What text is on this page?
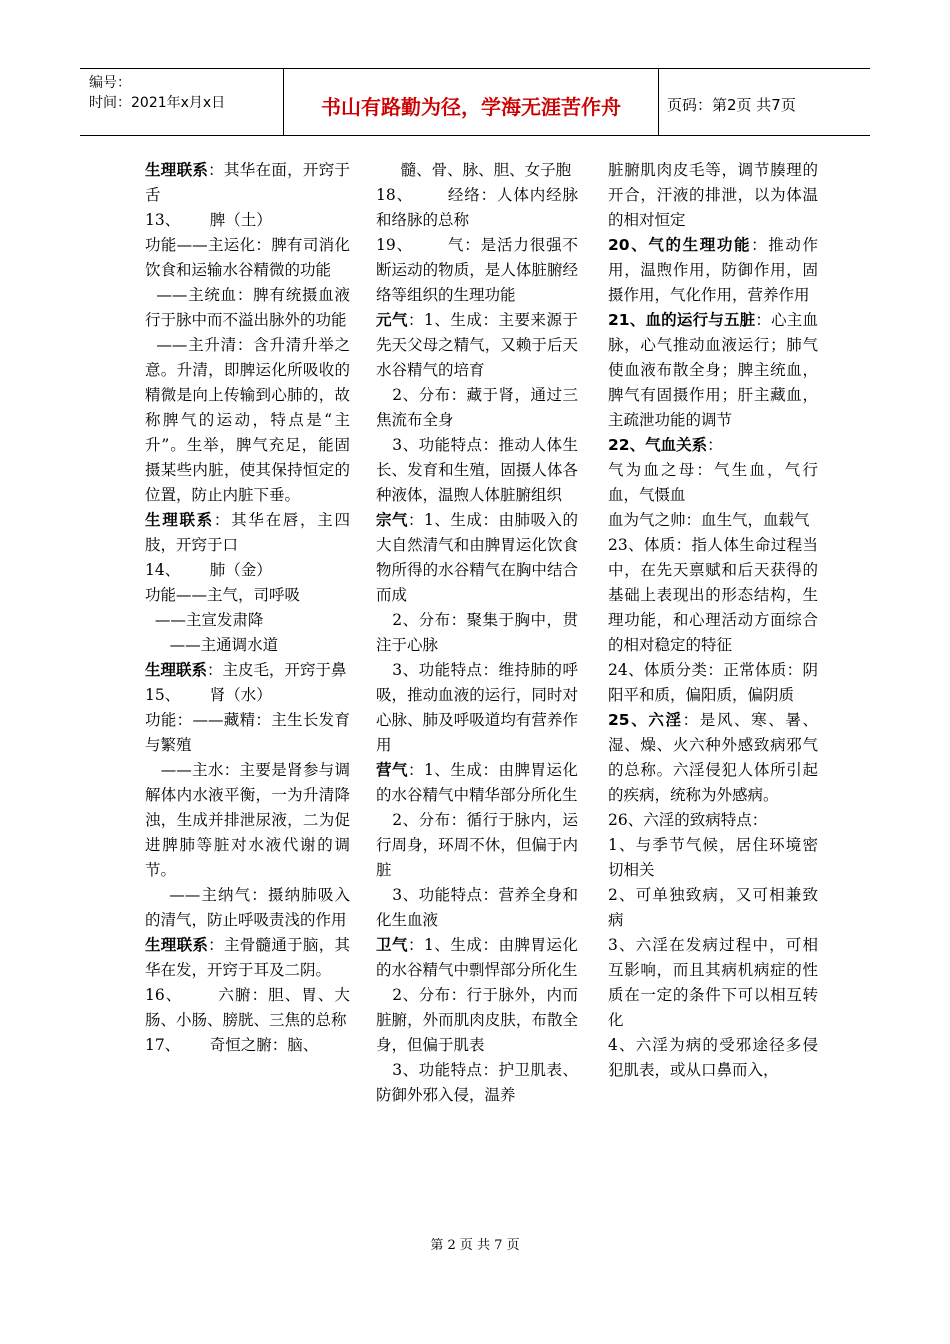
编号：
时间：2021年x月x日	书山有路勤为径，学海无涯苦作舟	页码：第2页 共7页

生理联系：其华在面，开窍于舌

13、      脾（土）

功能——主运化：脾有司消化饮食和运输水谷精微的功能

——主统血：脾有统摄血液行于脉中而不溢出脉外的功能

——主升清：含升清升举之意。升清，即脾运化所吸收的精微是向上传输到心肺的，故称脾气的运动，特点是“主升”。生举，脾气充足，能固摄某些内脏，使其保持恒定的位置，防止内脏下垂。

生理联系：其华在唇，主四肢，开窍于口

14、      肺（金）

功能——主气，司呼吸

——主宣发肃降

——主通调水道

生理联系：主皮毛，开窍于鼻

15、      肾（水）

功能：——藏精：主生长发育与繁殖

——主水：主要是肾参与调解体内水液平衡，一为升清降浊，生成并排泄尿液，二为促进脾肺等脏对水液代谢的调节。

——主纳气：摄纳肺吸入的清气，防止呼吸责浅的作用

生理联系：主骨髓通于脑，其华在发，开窍于耳及二阴。

16、      六腑：胆、胃、大肠、小肠、膀胱、三焦的总称

17、      奇恒之腑：脑、

髓、骨、脉、胆、女子胞

18、      经络：人体内经脉和络脉的总称

19、      气：是活力很强不断运动的物质，是人体脏腑经络等组织的生理功能

元气：1、生成：主要来源于先天父母之精气，又赖于后天水谷精气的培育

2、分布：藏于肾，通过三焦流布全身

3、功能特点：推动人体生长、发育和生殖，固摄人体各种液体，温煦人体脏腑组织

宗气：1、生成：由肺吸入的大自然清气和由脾胃运化饮食物所得的水谷精气在胸中结合而成

2、分布：聚集于胸中，贯注于心脉

3、功能特点：维持肺的呼吸，推动血液的运行，同时对心脉、肺及呼吸道均有营养作用

营气：1、生成：由脾胃运化的水谷精气中精华部分所化生

2、分布：循行于脉内，运行周身，环周不休，但偏于内脏

3、功能特点：营养全身和化生血液

卫气：1、生成：由脾胃运化的水谷精气中剽悍部分所化生

2、分布：行于脉外，内而脏腑，外而肌肉皮肤，布散全身，但偏于肌表

3、功能特点：护卫肌表、防御外邪入侵，温养

脏腑肌肉皮毛等，调节腠理的开合，汗液的排泄，以为体温的相对恒定

20、气的生理功能：推动作用，温煦作用，防御作用，固摄作用，气化作用，营养作用

21、血的运行与五脏：心主血脉，心气推动血液运行；肺气使血液布散全身；脾主统血，脾气有固摄作用；肝主藏血，主疏泄功能的调节

22、气血关系：

气为血之母：气生血，气行血，气慑血

血为气之帅：血生气，血载气

23、体质：指人体生命过程当中，在先天禀赋和后天获得的基础上表现出的形态结构，生理功能，和心理活动方面综合的相对稳定的特征

24、体质分类：正常体质：阴阳平和质，偏阳质，偏阴质

25、六淫：是风、寒、暑、湿、燥、火六种外感致病邪气的总称。六淫侵犯人体所引起的疾病，统称为外感病。

26、六淫的致病特点：

1、与季节气候，居住环境密切相关

2、可单独致病，又可相兼致病

3、六淫在发病过程中，可相互影响，而且其病机病症的性质在一定的条件下可以相互转化

4、六淫为病的受邪途径多侵犯肌表，或从口鼻而入，

第 2 页 共 7 页
